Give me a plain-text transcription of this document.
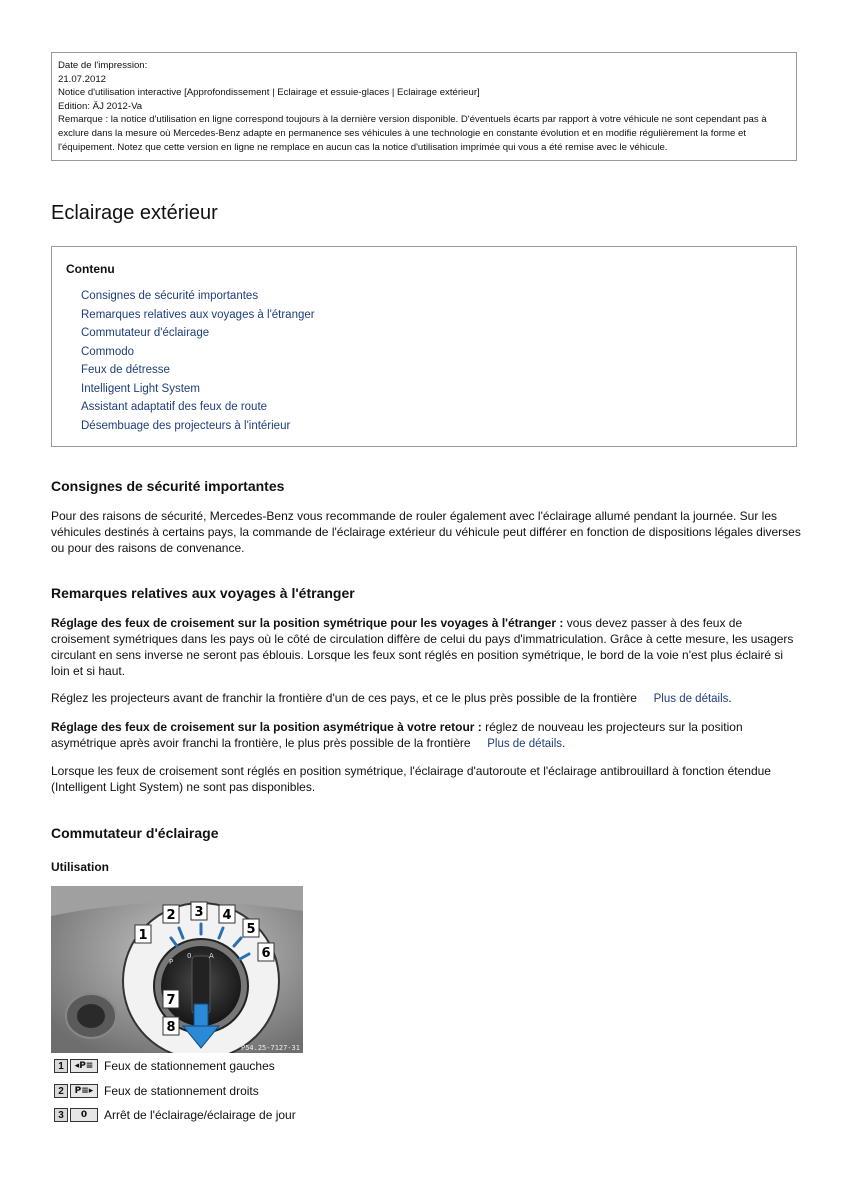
Date de l'impression:
21.07.2012
Notice d'utilisation interactive [Approfondissement | Eclairage et essuie-glaces | Eclairage extérieur]
Edition: ÄJ 2012-Va
Remarque : la notice d'utilisation en ligne correspond toujours à la dernière version disponible. D'éventuels écarts par rapport à votre véhicule ne sont cependant pas à exclure dans la mesure où Mercedes-Benz adapte en permanence ses véhicules à une technologie en constante évolution et en modifie régulièrement la forme et l'équipement. Notez que cette version en ligne ne remplace en aucun cas la notice d'utilisation imprimée qui vous a été remise avec le véhicule.
Eclairage extérieur
Contenu
Consignes de sécurité importantes
Remarques relatives aux voyages à l'étranger
Commutateur d'éclairage
Commodo
Feux de détresse
Intelligent Light System
Assistant adaptatif des feux de route
Désembuage des projecteurs à l'intérieur
Consignes de sécurité importantes

Pour des raisons de sécurité, Mercedes-Benz vous recommande de rouler également avec l'éclairage allumé pendant la journée. Sur les véhicules destinés à certains pays, la commande de l'éclairage extérieur du véhicule peut différer en fonction de dispositions légales diverses ou pour des raisons de convenance.

Remarques relatives aux voyages à l'étranger

Réglage des feux de croisement sur la position symétrique pour les voyages à l'étranger : vous devez passer à des feux de croisement symétriques dans les pays où le côté de circulation diffère de celui du pays d'immatriculation. Grâce à cette mesure, les usagers circulant en sens inverse ne seront pas éblouis. Lorsque les feux sont réglés en position symétrique, le bord de la voie n'est plus éclairé si loin et si haut.

Réglez les projecteurs avant de franchir la frontière d'un de ces pays, et ce le plus près possible de la frontière Plus de détails.

Réglage des feux de croisement sur la position asymétrique à votre retour : réglez de nouveau les projecteurs sur la position asymétrique après avoir franchi la frontière, le plus près possible de la frontière Plus de détails.

Lorsque les feux de croisement sont réglés en position symétrique, l'éclairage d'autoroute et l'éclairage antibrouillard à fonction étendue (Intelligent Light System) ne sont pas disponibles.

Commutateur d'éclairage
Utilisation
P
0	A
1
2 3 4
5
6
7
8
P54.25-7127-31
1	◂P≡ Feux de stationnement gauches
2	P≡▸ Feux de stationnement droits
3	0	Arrêt de l'éclairage/éclairage de jour
